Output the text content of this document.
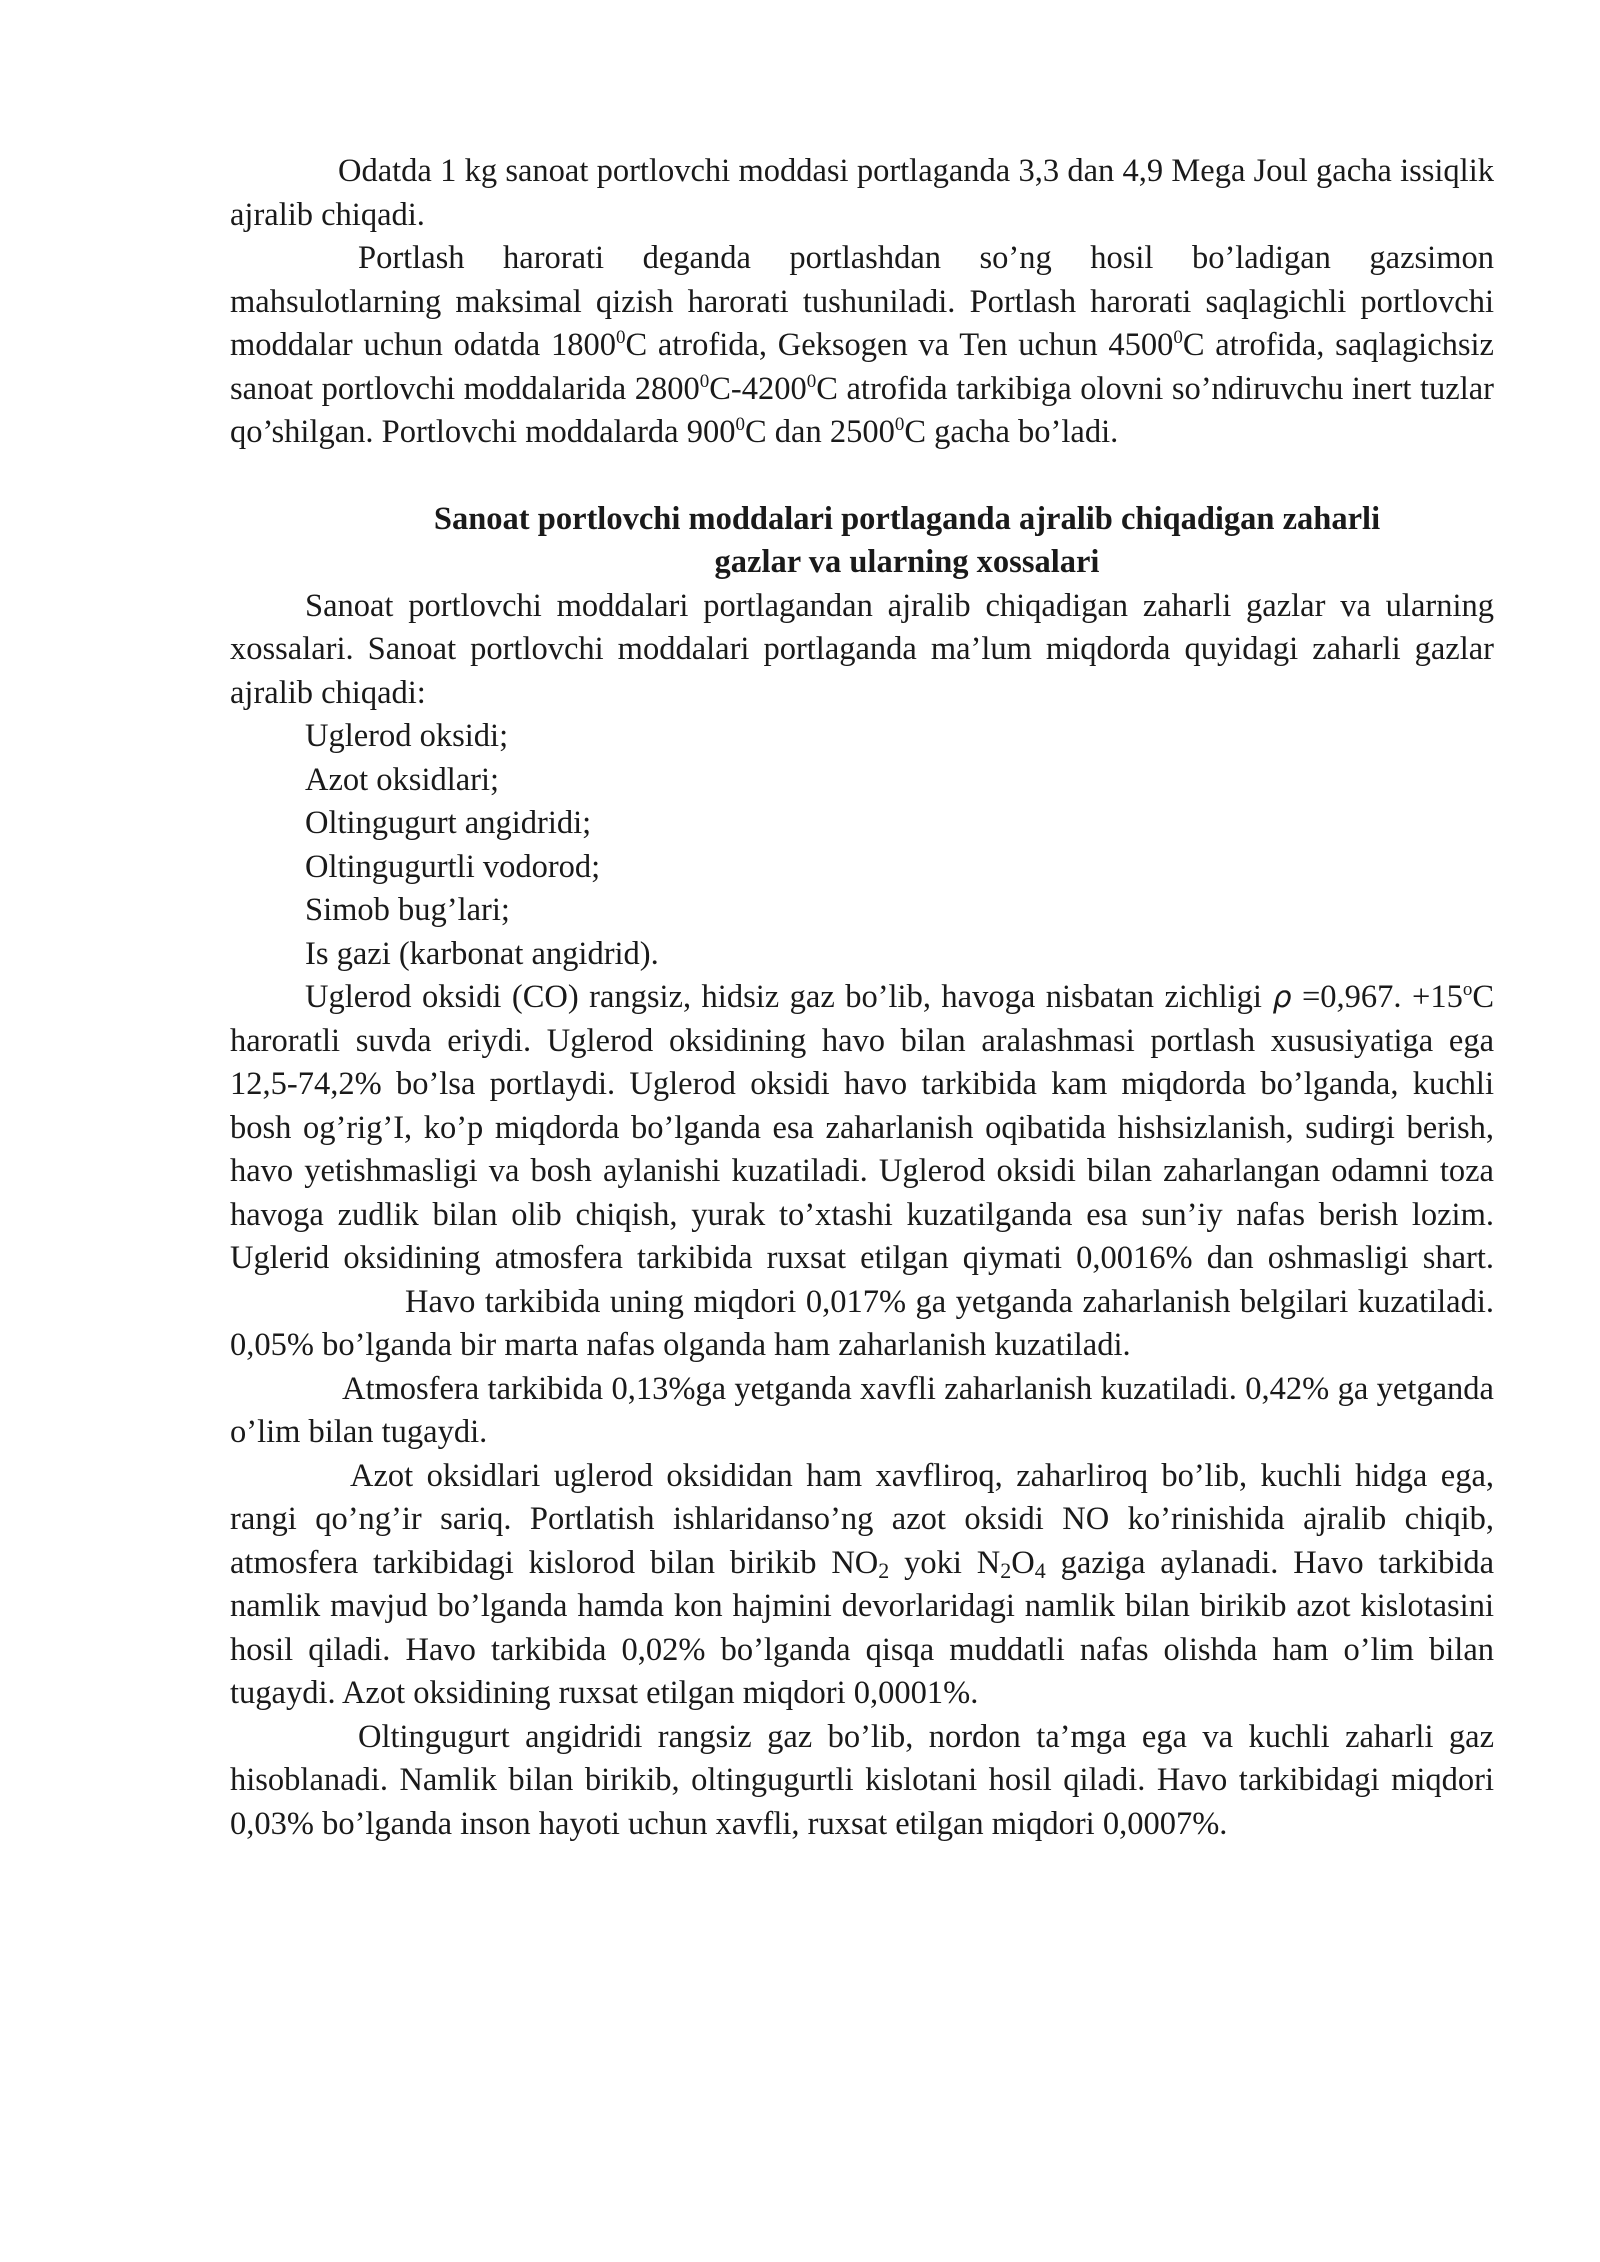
Odatda 1 kg sanoat portlovchi moddasi portlaganda 3,3 dan 4,9 Mega Joul gacha issiqlik ajralib chiqadi.

Portlash harorati deganda portlashdan so’ng hosil bo’ladigan gazsimon mahsulotlarning maksimal qizish harorati tushuniladi. Portlash harorati saqlagichli portlovchi moddalar uchun odatda 1800$^0$C atrofida, Geksogen va Ten uchun 4500$^0$C atrofida, saqlagichsiz sanoat portlovchi moddalarida 2800$^0$C-4200$^0$C atrofida tarkibiga olovni so’ndiruvchu inert tuzlar qo’shilgan. Portlovchi moddalarda $900^0C$ dan 2500$^0$C gacha bo’ladi.

Sanoat portlovchi moddalari portlaganda ajralib chiqadigan zaharli

gazlar va ularning xossalari

Sanoat portlovchi moddalari portlagandan ajralib chiqadigan zaharli gazlar va ularning xossalari. Sanoat portlovchi moddalari portlaganda ma’lum miqdorda quyidagi zaharli gazlar ajralib chiqadi:

Uglerod oksidi;
Azot oksidlari;
Oltingugurt angidridi;
Oltingugurtli vodorod;
Simob bug’lari;
Is gazi (karbonat angidrid).

Uglerod oksidi (CO) rangsiz, hidsiz gaz bo’lib, havoga nisbatan zichligi ρ =0,967. $+15^oC$ haroratli suvda eriydi. Uglerod oksidining havo bilan aralashmasi portlash xususiyatiga ega 12,5-74,2% bo’lsa portlaydi. Uglerod oksidi havo tarkibida kam miqdorda bo’lganda, kuchli bosh og’rig’I, ko’p miqdorda bo’lganda esa zaharlanish oqibatida hishsizlanish, sudirgi berish, havo yetishmasligi va bosh aylanishi kuzatiladi. Uglerod oksidi bilan zaharlangan odamni toza havoga zudlik bilan olib chiqish, yurak to’xtashi kuzatilganda esa sun’iy nafas berish lozim. Uglerid oksidining atmosfera tarkibida ruxsat etilgan qiymati 0,0016% dan oshmasligi shart.Havo tarkibida uning miqdori 0,017% ga yetganda zaharlanish belgilari kuzatiladi. 0,05% bo’lganda bir marta nafas olganda ham zaharlanish kuzatiladi.

Atmosfera tarkibida 0,13%ga yetganda xavfli zaharlanish kuzatiladi. 0,42% ga yetganda o’lim bilan tugaydi.

Azot oksidlari uglerod oksididan ham xavfliroq, zaharliroq bo’lib, kuchli hidga ega, rangi qo’ng’ir sariq. Portlatish ishlaridanso’ng azot oksidi NO ko’rinishida ajralib chiqib, atmosfera tarkibidagi kislorod bilan birikib $NO_2$ yoki $N_2O_4$ gaziga aylanadi. Havo tarkibida namlik mavjud bo’lganda hamda kon hajmini devorlaridagi namlik bilan birikib azot kislotasini hosil qiladi. Havo tarkibida 0,02% bo’lganda qisqa muddatli nafas olishda ham o’lim bilan tugaydi. Azot oksidining ruxsat etilgan miqdori 0,0001%.

Oltingugurt angidridi rangsiz gaz bo’lib, nordon ta’mga ega va kuchli zaharli gaz hisoblanadi. Namlik bilan birikib, oltingugurtli kislotani hosil qiladi. Havo tarkibidagi miqdori 0,03% bo’lganda inson hayoti uchun xavfli, ruxsat etilgan miqdori 0,0007%.
